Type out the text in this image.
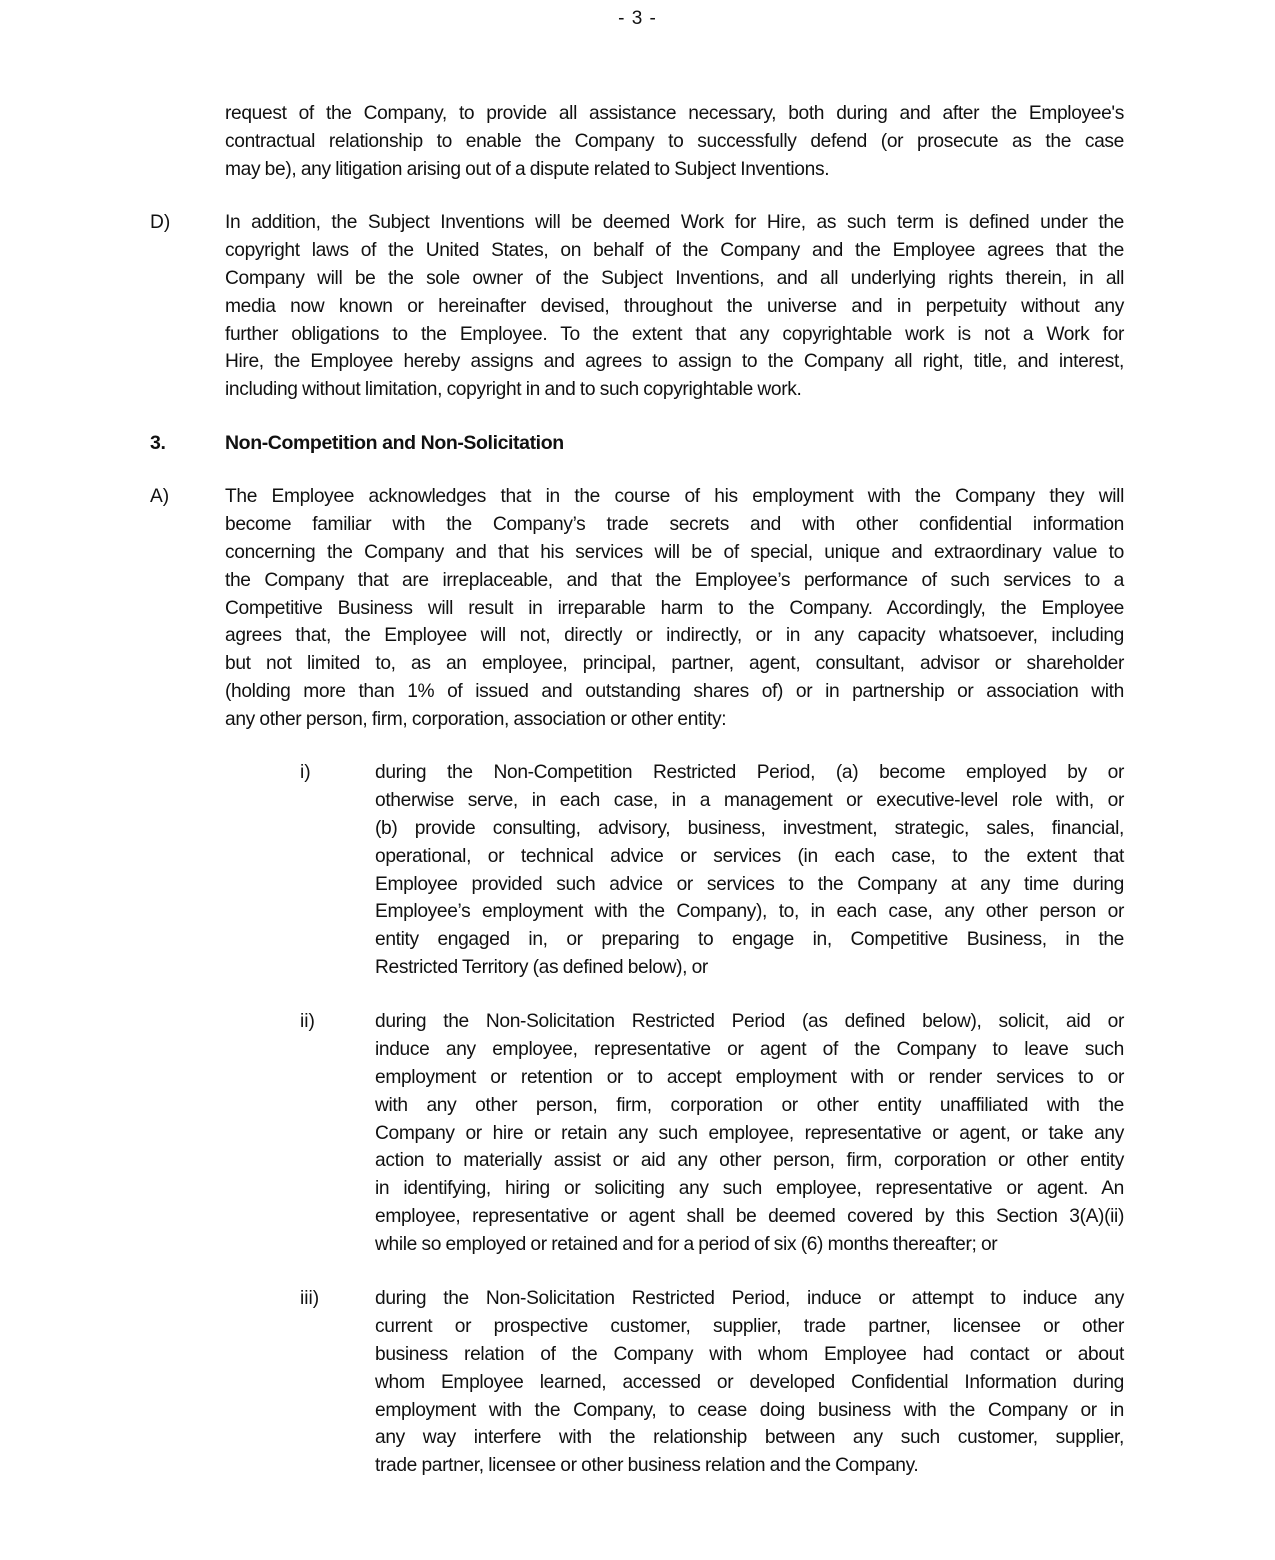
- 3 -
request of the Company, to provide all assistance necessary, both during and after the Employee's
contractual relationship to enable the Company to successfully defend (or prosecute as the case
may be), any litigation arising out of a dispute related to Subject Inventions.
D)	In addition, the Subject Inventions will be deemed Work for Hire, as such term is defined under the
copyright laws of the United States, on behalf of the Company and the Employee agrees that the
Company will be the sole owner of the Subject Inventions, and all underlying rights therein, in all
media now known or hereinafter devised, throughout the universe and in perpetuity without any
further obligations to the Employee. To the extent that any copyrightable work is not a Work for
Hire, the Employee hereby assigns and agrees to assign to the Company all right, title, and interest,
including without limitation, copyright in and to such copyrightable work.
3.	Non-Competition and Non-Solicitation
A)	The Employee acknowledges that in the course of his employment with the Company they will
become familiar with the Company’s trade secrets and with other confidential information
concerning the Company and that his services will be of special, unique and extraordinary value to
the Company that are irreplaceable, and that the Employee’s performance of such services to a
Competitive Business will result in irreparable harm to the Company. Accordingly, the Employee
agrees that, the Employee will not, directly or indirectly, or in any capacity whatsoever, including
but not limited to, as an employee, principal, partner, agent, consultant, advisor or shareholder
(holding more than 1% of issued and outstanding shares of) or in partnership or association with
any other person, firm, corporation, association or other entity:
i)	during the Non-Competition Restricted Period, (a) become employed by or
otherwise serve, in each case, in a management or executive-level role with, or
(b) provide consulting, advisory, business, investment, strategic, sales, financial,
operational, or technical advice or services (in each case, to the extent that
Employee provided such advice or services to the Company at any time during
Employee’s employment with the Company), to, in each case, any other person or
entity engaged in, or preparing to engage in, Competitive Business, in the
Restricted Territory (as defined below), or
ii)	during the Non-Solicitation Restricted Period (as defined below), solicit, aid or
induce any employee, representative or agent of the Company to leave such
employment or retention or to accept employment with or render services to or
with any other person, firm, corporation or other entity unaffiliated with the
Company or hire or retain any such employee, representative or agent, or take any
action to materially assist or aid any other person, firm, corporation or other entity
in identifying, hiring or soliciting any such employee, representative or agent. An
employee, representative or agent shall be deemed covered by this Section 3(A)(ii)
while so employed or retained and for a period of six (6) months thereafter; or
iii)	during the Non-Solicitation Restricted Period, induce or attempt to induce any
current or prospective customer, supplier, trade partner, licensee or other
business relation of the Company with whom Employee had contact or about
whom Employee learned, accessed or developed Confidential Information during
employment with the Company, to cease doing business with the Company or in
any way interfere with the relationship between any such customer, supplier,
trade partner, licensee or other business relation and the Company.
